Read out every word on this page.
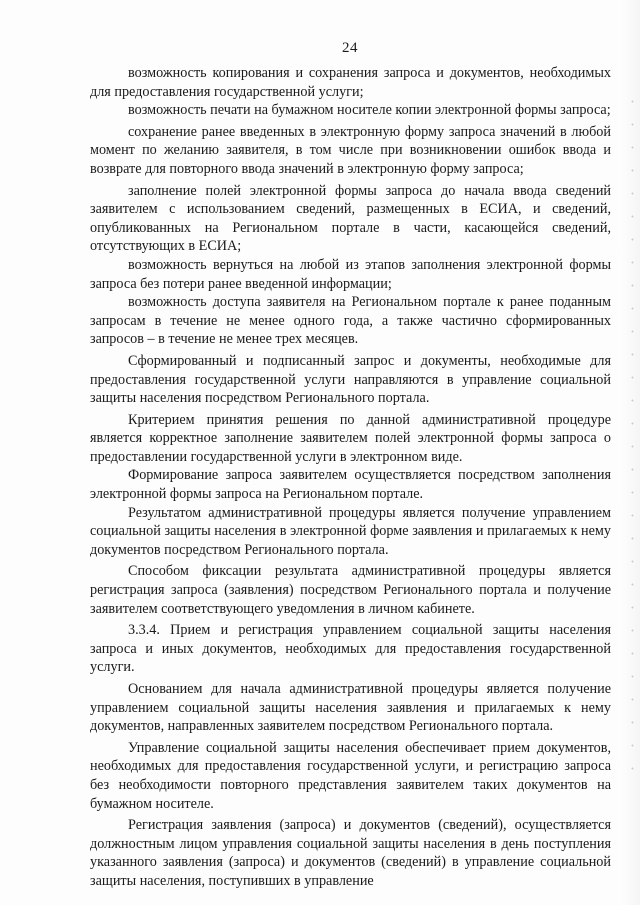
24

возможность копирования и сохранения запроса и документов, необходимых для предоставления государственной услуги;

возможность печати на бумажном носителе копии электронной формы запроса;

сохранение ранее введенных в электронную форму запроса значений в любой момент по желанию заявителя, в том числе при возникновении ошибок ввода и возврате для повторного ввода значений в электронную форму запроса;

заполнение полей электронной формы запроса до начала ввода сведений заявителем с использованием сведений, размещенных в ЕСИА, и сведений, опубликованных на Региональном портале в части, касающейся сведений, отсутствующих в ЕСИА;

возможность вернуться на любой из этапов заполнения электронной формы запроса без потери ранее введенной информации;

возможность доступа заявителя на Региональном портале к ранее поданным запросам в течение не менее одного года, а также частично сформированных запросов – в течение не менее трех месяцев.

Сформированный и подписанный запрос и документы, необходимые для предоставления государственной услуги направляются в управление социальной защиты населения посредством Регионального портала.

Критерием принятия решения по данной административной процедуре является корректное заполнение заявителем полей электронной формы запроса о предоставлении государственной услуги в электронном виде.

Формирование запроса заявителем осуществляется посредством заполнения электронной формы запроса на Региональном портале.

Результатом административной процедуры является получение управлением социальной защиты населения в электронной форме заявления и прилагаемых к нему документов посредством Регионального портала.

Способом фиксации результата административной процедуры является регистрация запроса (заявления) посредством Регионального портала и получение заявителем соответствующего уведомления в личном кабинете.

3.3.4. Прием и регистрация управлением социальной защиты населения запроса и иных документов, необходимых для предоставления государственной услуги.

Основанием для начала административной процедуры является получение управлением социальной защиты населения заявления и прилагаемых к нему документов, направленных заявителем посредством Регионального портала.

Управление социальной защиты населения обеспечивает прием документов, необходимых для предоставления государственной услуги, и регистрацию запроса без необходимости повторного представления заявителем таких документов на бумажном носителе.

Регистрация заявления (запроса) и документов (сведений), осуществляется должностным лицом управления социальной защиты населения в день поступления указанного заявления (запроса) и документов (сведений) в управление социальной защиты населения, поступивших в управление
